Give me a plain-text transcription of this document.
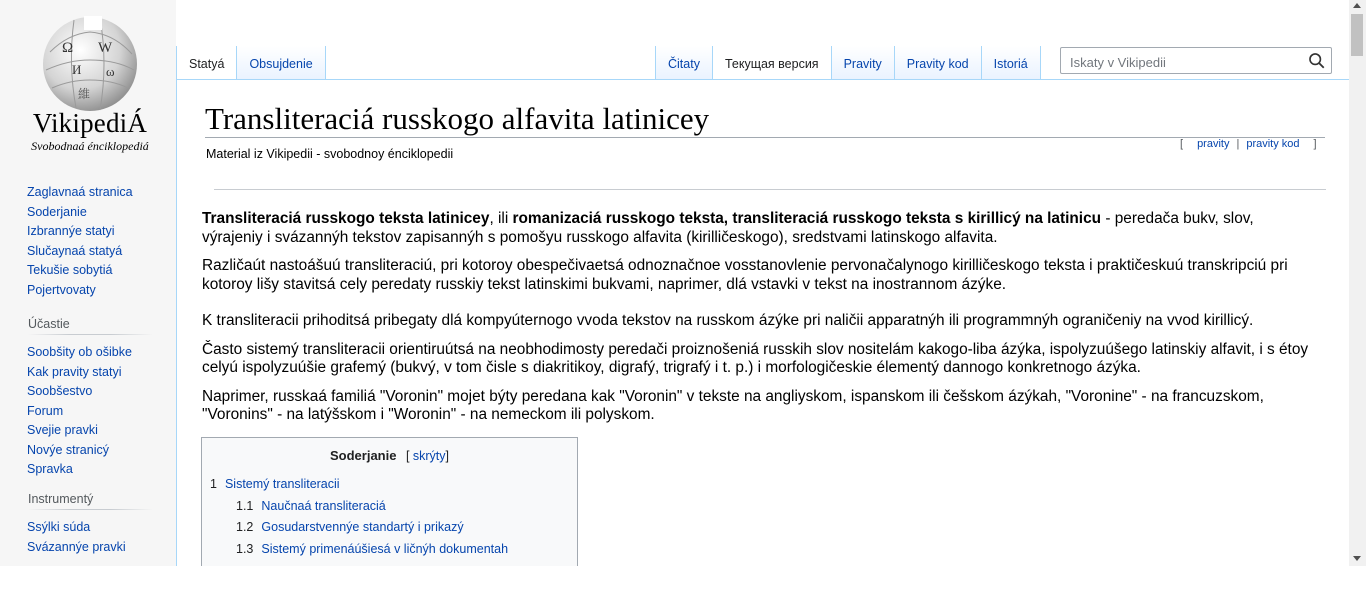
Ω W
И ω
維
VikipediÁ
Svobodnaá énciklopediá
Zaglavnaá stranica
Soderjanie
Izbrannýe statyi
Slučaynaá statyá
Tekušie sobytiá
Pojertvovaty
Účastie
Soobšity ob ošibke
Kak pravity statyi
Soobšestvo
Forum
Svejie pravki
Novýe stranicý
Spravka
Instrumentý
Ssýlki súda
Svázannýe pravki
Statyá Obsujdenie	Čitaty Текущая версия Pravity Pravity kod Istoriá
Iskaty v Vikipedii
Transliteraciá russkogo alfavita latinicey
Material iz Vikipedii - svobodnoy énciklopedii
[ pravity | pravity kod ]

Transliteraciá russkogo teksta latinicey, ili romanizaciá russkogo teksta, transliteraciá russkogo teksta s kirillicý na latinicu - peredača bukv, slov, výrajeniy i svázannýh tekstov zapisannýh s pomošyu russkogo alfavita (kirilličeskogo), sredstvami latinskogo alfavita.

Različaút nastoášuú transliteraciú, pri kotoroy obespečivaetsá odnoznačnoe vosstanovlenie pervonačalynogo kirilličeskogo teksta i praktičeskuú transkripciú pri kotoroy lišy stavitsá cely peredaty russkiy tekst latinskimi bukvami, naprimer, dlá vstavki v tekst na inostrannom ázýke.

K transliteracii prihoditsá pribegaty dlá kompyúternogo vvoda tekstov na russkom ázýke pri naličii apparatnýh ili programmnýh ograničeniy na vvod kirillicý.

Často sistemý transliteracii orientiruútsá na neobhodimosty peredači proiznošeniá russkih slov nositelám kakogo-liba ázýka, ispolyzuúšego latinskiy alfavit, i s étoy celyú ispolyzuúšie grafemý (bukvý, v tom čisle s diakritikoy, digrafý, trigrafý i t. p.) i morfologičeskie élementý dannogo konkretnogo ázýka.

Naprimer, russkaá familiá "Voronin" mojet býty peredana kak "Voronin" v tekste na angliyskom, ispanskom ili češskom ázýkah, "Voronine" - na francuzskom, "Voronins" - na latýšskom i "Woronin" - na nemeckom ili polyskom.

Soderjanie [ skrýty]
1 Sistemý transliteracii
1.1 Naučnaá transliteraciá
1.2 Gosudarstvennýe standartý i prikazý
1.3 Sistemý primenáúšiesá v ličnýh dokumentah
